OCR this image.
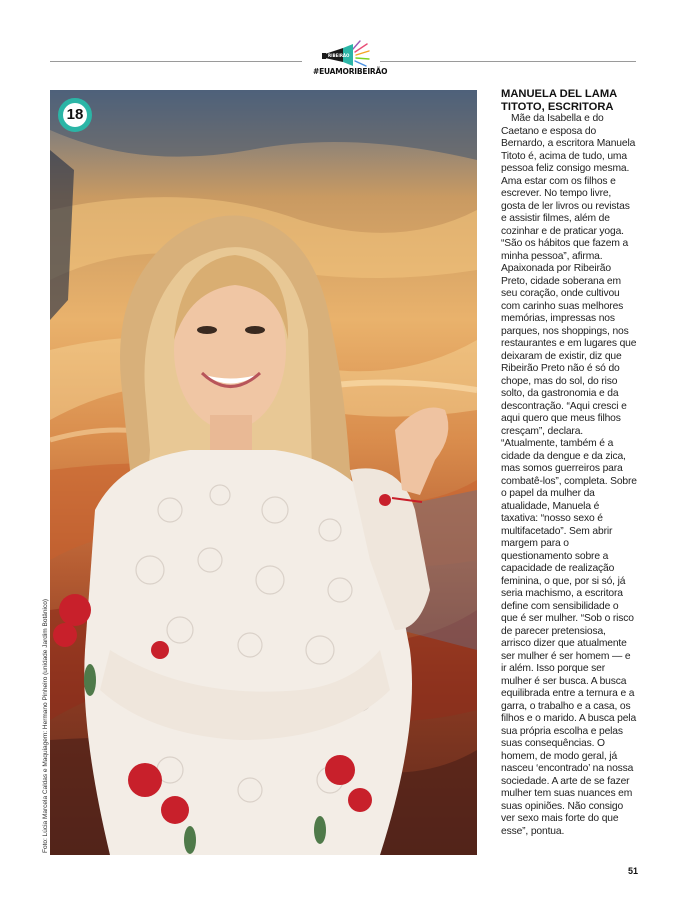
RIBEIRÃO
#EUAMORIBEIRÃO
18
Foto: Lúcia Marcela Caldas e Maquiagem: Hermano Pinheiro (unidade Jardim Botânico)
MANUELA DEL LAMA TITOTO, ESCRITORA

Mãe da Isabella e do Caetano e esposa do Bernardo, a escritora Manuela Titoto é, acima de tudo, uma pessoa feliz consigo mesma. Ama estar com os filhos e escrever. No tempo livre, gosta de ler livros ou revistas e assistir filmes, além de cozinhar e de praticar yoga. “São os hábitos que fazem a minha pessoa”, afirma. Apaixonada por Ribeirão Preto, cidade soberana em seu coração, onde cultivou com carinho suas melhores memórias, impressas nos parques, nos shoppings, nos restaurantes e em lugares que deixaram de existir, diz que Ribeirão Preto não é só do chope, mas do sol, do riso solto, da gastronomia e da descontração. “Aqui cresci e aqui quero que meus filhos cresçam”, declara. “Atualmente, também é a cidade da dengue e da zica, mas somos guerreiros para combatê-los”, completa. Sobre o papel da mulher da atualidade, Manuela é taxativa: “nosso sexo é multifacetado”. Sem abrir margem para o questionamento sobre a capacidade de realização feminina, o que, por si só, já seria machismo, a escritora define com sensibilidade o que é ser mulher. “Sob o risco de parecer pretensiosa, arrisco dizer que atualmente ser mulher é ser homem — e ir além. Isso porque ser mulher é ser busca. A busca equilibrada entre a ternura e a garra, o trabalho e a casa, os filhos e o marido. A busca pela sua própria escolha e pelas suas consequências. O homem, de modo geral, já nasceu ‘encontrado’ na nossa sociedade. A arte de se fazer mulher tem suas nuances em suas opiniões. Não consigo ver sexo mais forte do que esse”, pontua.

51
